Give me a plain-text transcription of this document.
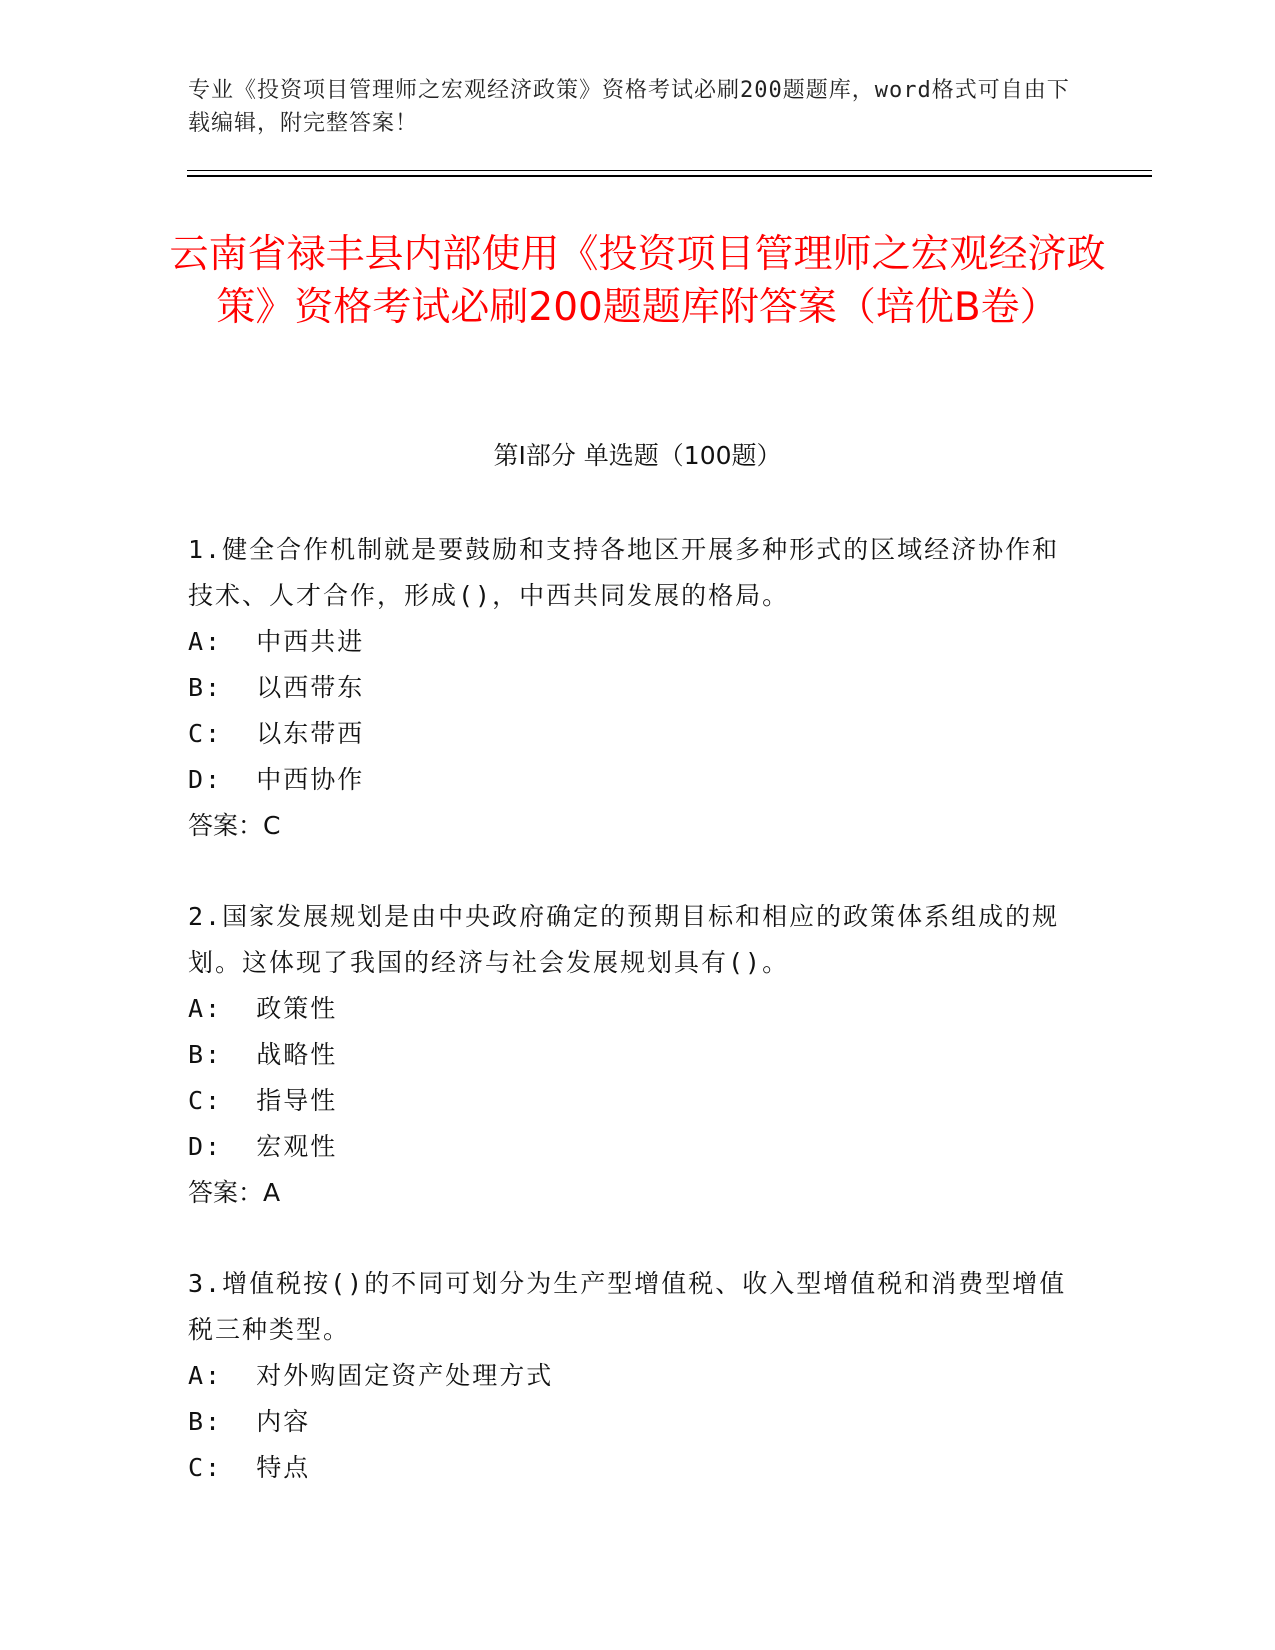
专业《投资项目管理师之宏观经济政策》资格考试必刷200题题库，word格式可自由下载编辑，附完整答案！
云南省禄丰县内部使用《投资项目管理师之宏观经济政策》资格考试必刷200题题库附答案（培优B卷）
第Ⅰ部分 单选题（100题）

1.健全合作机制就是要鼓励和支持各地区开展多种形式的区域经济协作和技术、人才合作，形成()，中西共同发展的格局。

A:  中西共进

B:  以西带东

C:  以东带西

D:  中西协作

答案：C

2.国家发展规划是由中央政府确定的预期目标和相应的政策体系组成的规划。这体现了我国的经济与社会发展规划具有()。

A:  政策性

B:  战略性

C:  指导性

D:  宏观性

答案：A

3.增值税按()的不同可划分为生产型增值税、收入型增值税和消费型增值税三种类型。

A:  对外购固定资产处理方式

B:  内容

C:  特点
